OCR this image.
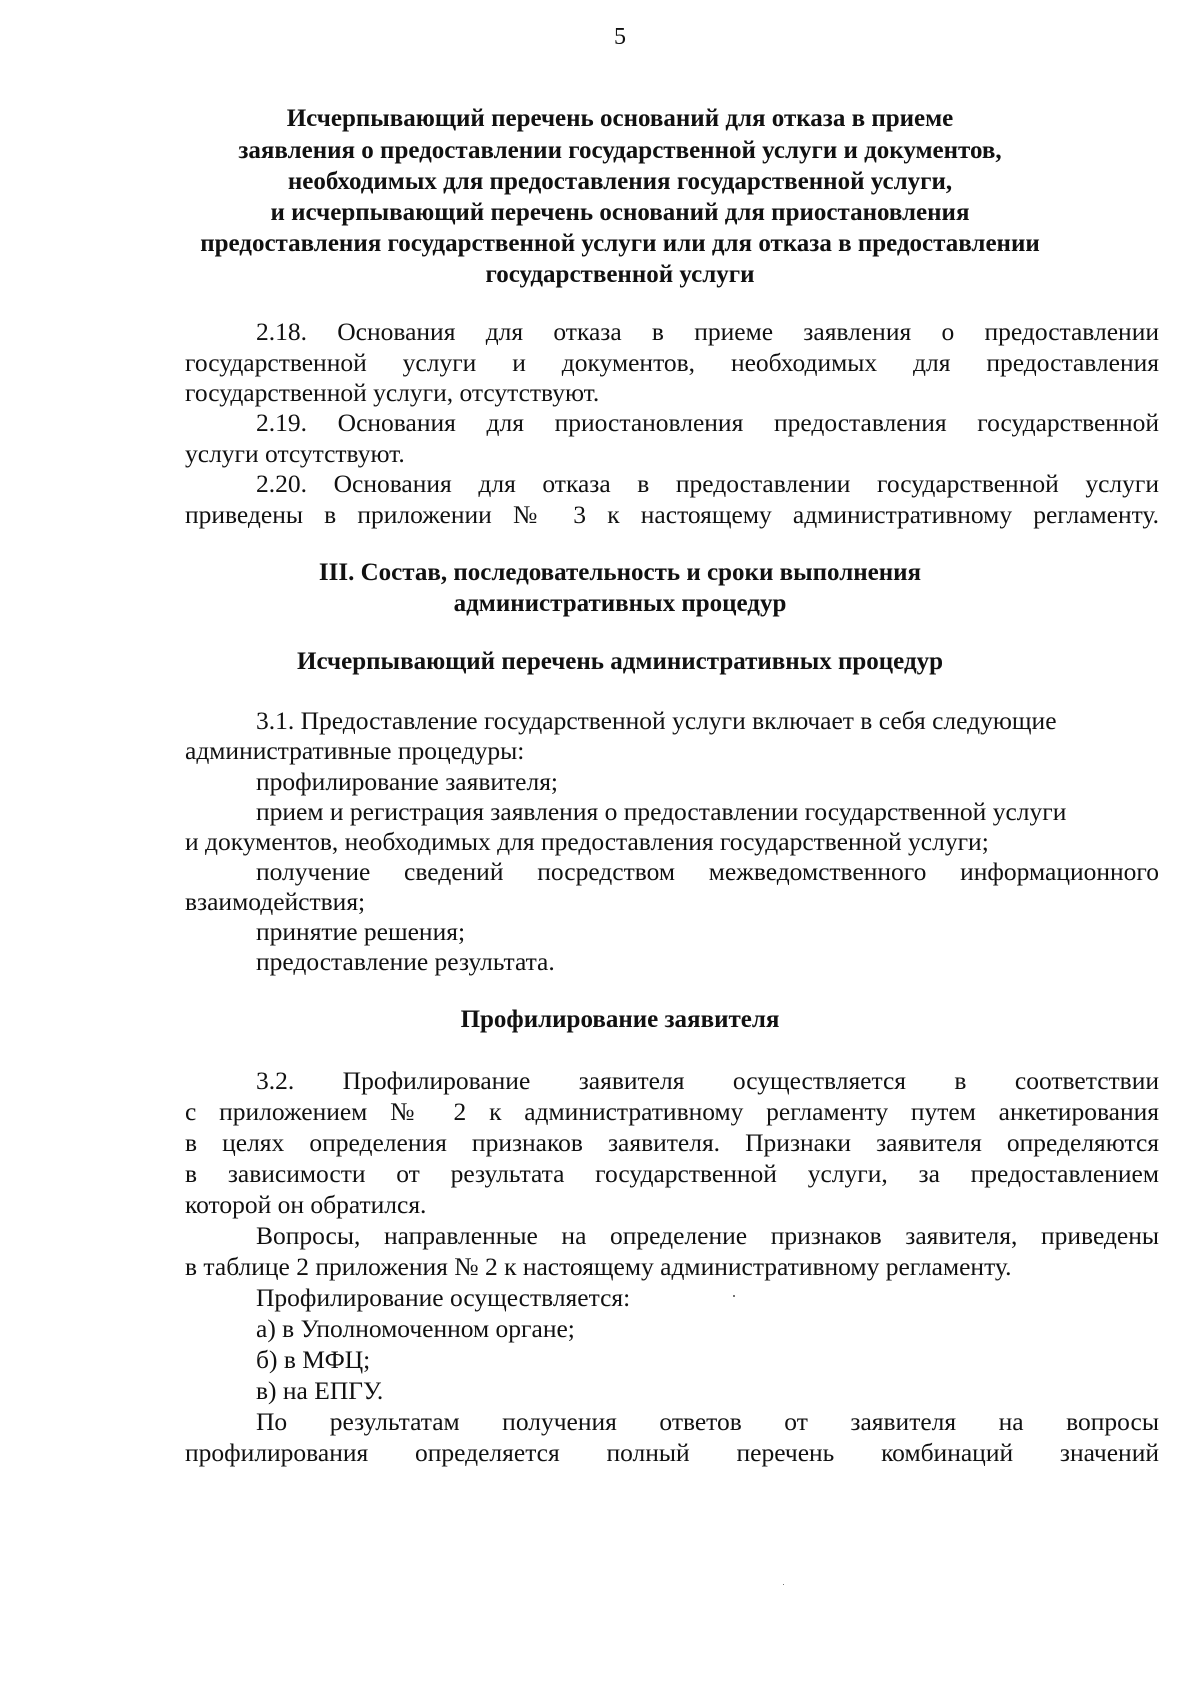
5
Исчерпывающий перечень оснований для отказа в приеме
заявления о предоставлении государственной услуги и документов,
необходимых для предоставления государственной услуги,
и исчерпывающий перечень оснований для приостановления
предоставления государственной услуги или для отказа в предоставлении
государственной услуги
2.18. Основания для отказа в приеме заявления о предоставлении
государственной услуги и документов, необходимых для предоставления
государственной услуги, отсутствуют.
2.19. Основания для приостановления предоставления государственной
услуги отсутствуют.
2.20. Основания для отказа в предоставлении государственной услуги
приведены в приложении № 3 к настоящему административному регламенту.
III. Состав, последовательность и сроки выполнения
административных процедур
Исчерпывающий перечень административных процедур
3.1. Предоставление государственной услуги включает в себя следующие
административные процедуры:
профилирование заявителя;
прием и регистрация заявления о предоставлении государственной услуги
и документов, необходимых для предоставления государственной услуги;
получение сведений посредством межведомственного информационного
взаимодействия;
принятие решения;
предоставление результата.
Профилирование заявителя
3.2. Профилирование заявителя осуществляется в соответствии
с приложением № 2 к административному регламенту путем анкетирования
в целях определения признаков заявителя. Признаки заявителя определяются
в зависимости от результата государственной услуги, за предоставлением
которой он обратился.
Вопросы, направленные на определение признаков заявителя, приведены
в таблице 2 приложения № 2 к настоящему административному регламенту.
Профилирование осуществляется:
а) в Уполномоченном органе;
б) в МФЦ;
в) на ЕПГУ.
По результатам получения ответов от заявителя на вопросы
профилирования определяется полный перечень комбинаций значений
